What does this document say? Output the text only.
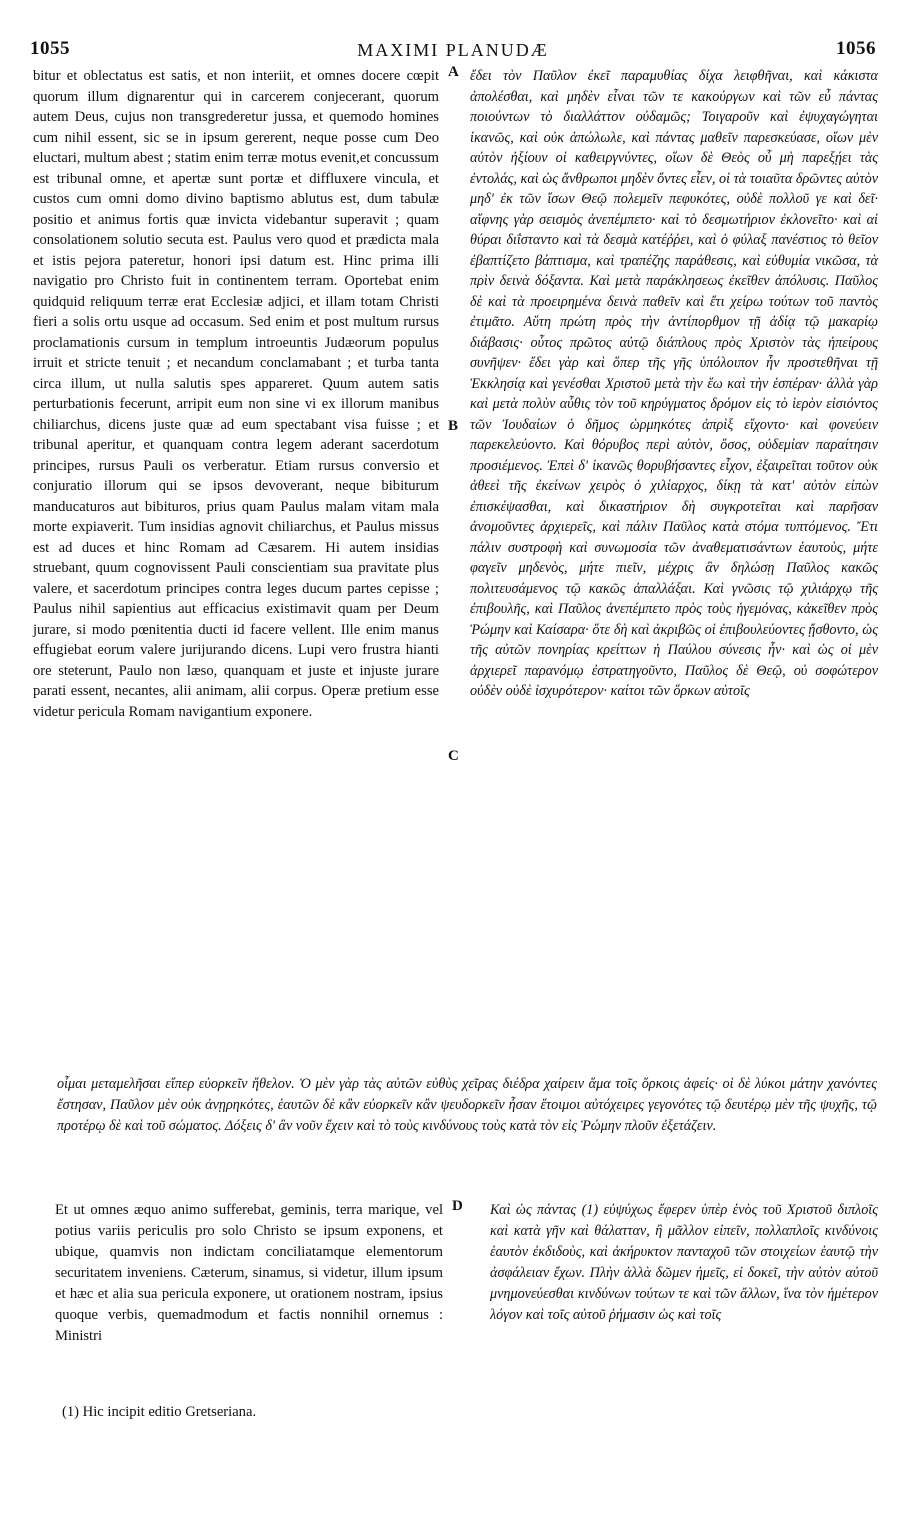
1055	MAXIMI PLANUDÆ	1056

bitur et oblectatus est satis, et non interiit, et omnes docere cœpit quorum illum dignarentur qui in carcerem conjecerant, quorum autem Deus, cujus non transgrederetur jussa, et quemodo homines cum nihil essent, sic se in ipsum gererent, neque posse cum Deo eluctari, multum abest ; statim enim terræ motus evenit,et concussum est tribunal omne, et apertæ sunt portæ et diffluxere vincula, et custos cum omni domo divino baptismo ablutus est, dum tabulæ positio et animus fortis quæ invicta videbantur superavit ; quam consolationem solutio secuta est. Paulus vero quod et prædicta mala et istis pejora pateretur, honori ipsi datum est. Hinc prima illi navigatio pro Christo fuit in continentem terram. Oportebat enim quidquid reliquum terræ erat Ecclesiæ adjici, et illam totam Christi fieri a solis ortu usque ad occasum. Sed enim et post multum rursus proclamationis cursum in templum introeuntis Judæorum populus irruit et stricte tenuit ; et necandum conclamabant ; et turba tanta circa illum, ut nulla salutis spes appareret. Quum autem satis perturbationis fecerunt, arripit eum non sine vi ex illorum manibus chiliarchus, dicens juste quæ ad eum spectabant visa fuisse ; et tribunal aperitur, et quanquam contra legem aderant sacerdotum principes, rursus Pauli os verberatur. Etiam rursus conversio et conjuratio illorum qui se ipsos devoverant, neque bibiturum manducaturos aut bibituros, prius quam Paulus malam vitam mala morte expiaverit. Tum insidias agnovit chiliarchus, et Paulus missus est ad duces et hinc Romam ad Cæsarem. Hi autem insidias struebant, quum cognovissent Pauli conscientiam sua pravitate plus valere, et sacerdotum principes contra leges ducum partes cepisse ; Paulus nihil sapientius aut efficacius existimavit quam per Deum jurare, si modo pœnitentia ducti id facere vellent. Ille enim manus effugiebat eorum valere jurijurando dicens. Lupi vero frustra hianti ore steterunt, Paulo non læso, quanquam et juste et injuste jurare parati essent, necantes, alii animam, alii corpus. Operæ pretium esse videtur pericula Romam navigantium exponere.

A
B
C

ἔδει τὸν Παῦλον ἐκεῖ παραμυθίας δίχα λειφθῆναι, καὶ κάκιστα ἀπολέσθαι, καὶ μηδὲν εἶναι τῶν τε κακούργων καὶ τῶν εὖ πάντας ποιούντων τὸ διαλλάττον οὐδαμῶς; Τοιγαροῦν καὶ ἐψυχαγώγηται ἱκανῶς, καὶ οὐκ ἀπώλωλε, καὶ πάντας μαθεῖν παρεσκεύασε, οἵων μὲν αὐτὸν ἠξίουν οἱ καθειργνύντες, οἵων δὲ Θεὸς οὗ μὴ παρεξῄει τὰς ἐντολάς, καὶ ὡς ἄνθρωποι μηδὲν ὄντες εἶεν, οἱ τὰ τοιαῦτα δρῶντες αὐτὸν μηδ' ἐκ τῶν ἴσων Θεῷ πολεμεῖν πεφυκότες, οὐδὲ πολλοῦ γε καὶ δεῖ· αἴφνης γὰρ σεισμὸς ἀνεπέμπετο· καὶ τὸ δεσμωτήριον ἐκλονεῖτο· καὶ αἱ θύραι διΐσταντο καὶ τὰ δεσμὰ κατέῤῥει, καὶ ὁ φύλαξ πανέστιος τὸ θεῖον ἐβαπτίζετο βάπτισμα, καὶ τραπέζης παράθεσις, καὶ εὐθυμία νικῶσα, τὰ πρὶν δεινὰ δόξαντα. Καὶ μετὰ παράκλησεως ἐκεῖθεν ἀπόλυσις. Παῦλος δὲ καὶ τὰ προειρημένα δεινὰ παθεῖν καὶ ἔτι χείρω τούτων τοῦ παντὸς ἐτιμᾶτο. Αὕτη πρώτη πρὸς τὴν ἀντίπορθμον τῇ ἀδίᾳ τῷ μακαρίῳ διάβασις· οὗτος πρῶτος αὐτῷ διάπλους πρὸς Χριστὸν τὰς ἠπείρους συνῆψεν· ἔδει γὰρ καὶ ὅπερ τῆς γῆς ὑπόλοιπον ἦν προστεθῆναι τῇ Ἐκκλησίᾳ καὶ γενέσθαι Χριστοῦ μετὰ τὴν ἕω καὶ τὴν ἑσπέραν· ἀλλὰ γὰρ καὶ μετὰ πολὺν αὖθις τὸν τοῦ κηρύγματος δρόμον εἰς τὸ ἱερὸν εἰσιόντος τῶν Ἰουδαίων ὁ δῆμος ὡρμηκότες ἀπρὶξ εἴχοντο· καὶ φονεύειν παρεκελεύοντο. Καὶ θόρυβος περὶ αὐτὸν, ὅσος, οὐδεμίαν παραίτησιν προσιέμενος. Ἐπεὶ δ' ἱκανῶς θορυβήσαντες εἶχον, ἐξαιρεῖται τοῦτον οὐκ ἀθεεὶ τῆς ἐκείνων χειρὸς ὁ χιλίαρχος, δίκῃ τὰ κατ' αὐτὸν εἰπὼν ἐπισκέψασθαι, καὶ δικαστήριον δὴ συγκροτεῖται καὶ παρῆσαν ἀνομοῦντες ἀρχιερεῖς, καὶ πάλιν Παῦλος κατὰ στόμα τυπτόμενος. Ἔτι πάλιν συστροφὴ καὶ συνωμοσία τῶν ἀναθεματισάντων ἑαυτοὺς, μήτε φαγεῖν μηδενὸς, μήτε πιεῖν, μέχρις ἂν δηλώσῃ Παῦλος κακῶς πολιτευσάμενος τῷ κακῶς ἀπαλλάξαι. Καὶ γνῶσις τῷ χιλιάρχῳ τῆς ἐπιβουλῆς, καὶ Παῦλος ἀνεπέμπετο πρὸς τοὺς ἡγεμόνας, κἀκεῖθεν πρὸς Ῥώμην καὶ Καίσαρα· ὅτε δὴ καὶ ἀκριβῶς οἱ ἐπιβουλεύοντες ᾔσθοντο, ὡς τῆς αὐτῶν πονηρίας κρείττων ἡ Παύλου σύνεσις ἦν· καὶ ὡς οἱ μὲν ἀρχιερεῖ παρανόμῳ ἐστρατηγοῦντο, Παῦλος δὲ Θεῷ, οὐ σοφώτερον οὐδὲν οὐδὲ ἰσχυρότερον· καίτοι τῶν ὅρκων αὐτοῖς

οἶμαι μεταμελῆσαι εἴπερ εὐορκεῖν ἤθελον. Ὁ μὲν γὰρ τὰς αὐτῶν εὐθὺς χεῖρας διέδρα χαίρειν ἅμα τοῖς ὅρκοις ἀφείς· οἱ δὲ λύκοι μάτην χανόντες ἔστησαν, Παῦλον μὲν οὐκ ἀνῃρηκότες, ἑαυτῶν δὲ κἂν εὐορκεῖν κἂν ψευδορκεῖν ἦσαν ἕτοιμοι αὐτόχειρες γεγονότες τῷ δευτέρῳ μὲν τῆς ψυχῆς, τῷ προτέρῳ δὲ καὶ τοῦ σώματος. Δόξεις δ' ἂν νοῦν ἔχειν καὶ τὸ τοὺς κινδύνους τοὺς κατὰ τὸν εἰς Ῥώμην πλοῦν ἐξετάζειν.

Et ut omnes æquo animo sufferebat, geminis, terra marique, vel potius variis periculis pro solo Christo se ipsum exponens, et ubique, quamvis non indictam conciliatamque elementorum securitatem inveniens. Cæterum, sinamus, si videtur, illum ipsum et hæc et alia sua pericula exponere, ut orationem nostram, ipsius quoque verbis, quemadmodum et factis nonnihil ornemus : Ministri

D Καὶ ὡς πάντας (1) εὐψύχως ἔφερεν ὑπὲρ ἑνὸς τοῦ Χριστοῦ διπλοῖς καὶ κατὰ γῆν καὶ θάλατταν, ἢ μᾶλλον εἰπεῖν, πολλαπλοῖς κινδύνοις ἑαυτὸν ἐκδιδοὺς, καὶ ἀκήρυκτον πανταχοῦ τῶν στοιχείων ἑαυτῷ τὴν ἀσφάλειαν ἔχων. Πλὴν ἀλλὰ δῶμεν ἡμεῖς, εἰ δοκεῖ, τὴν αὐτὸν αὐτοῦ μνημονεύεσθαι κινδύνων τούτων τε καὶ τῶν ἄλλων, ἵνα τὸν ἡμέτερον λόγον καὶ τοῖς αὐτοῦ ῥήμασιν ὡς καὶ τοῖς

(1) Hic incipit editio Gretseriana.
